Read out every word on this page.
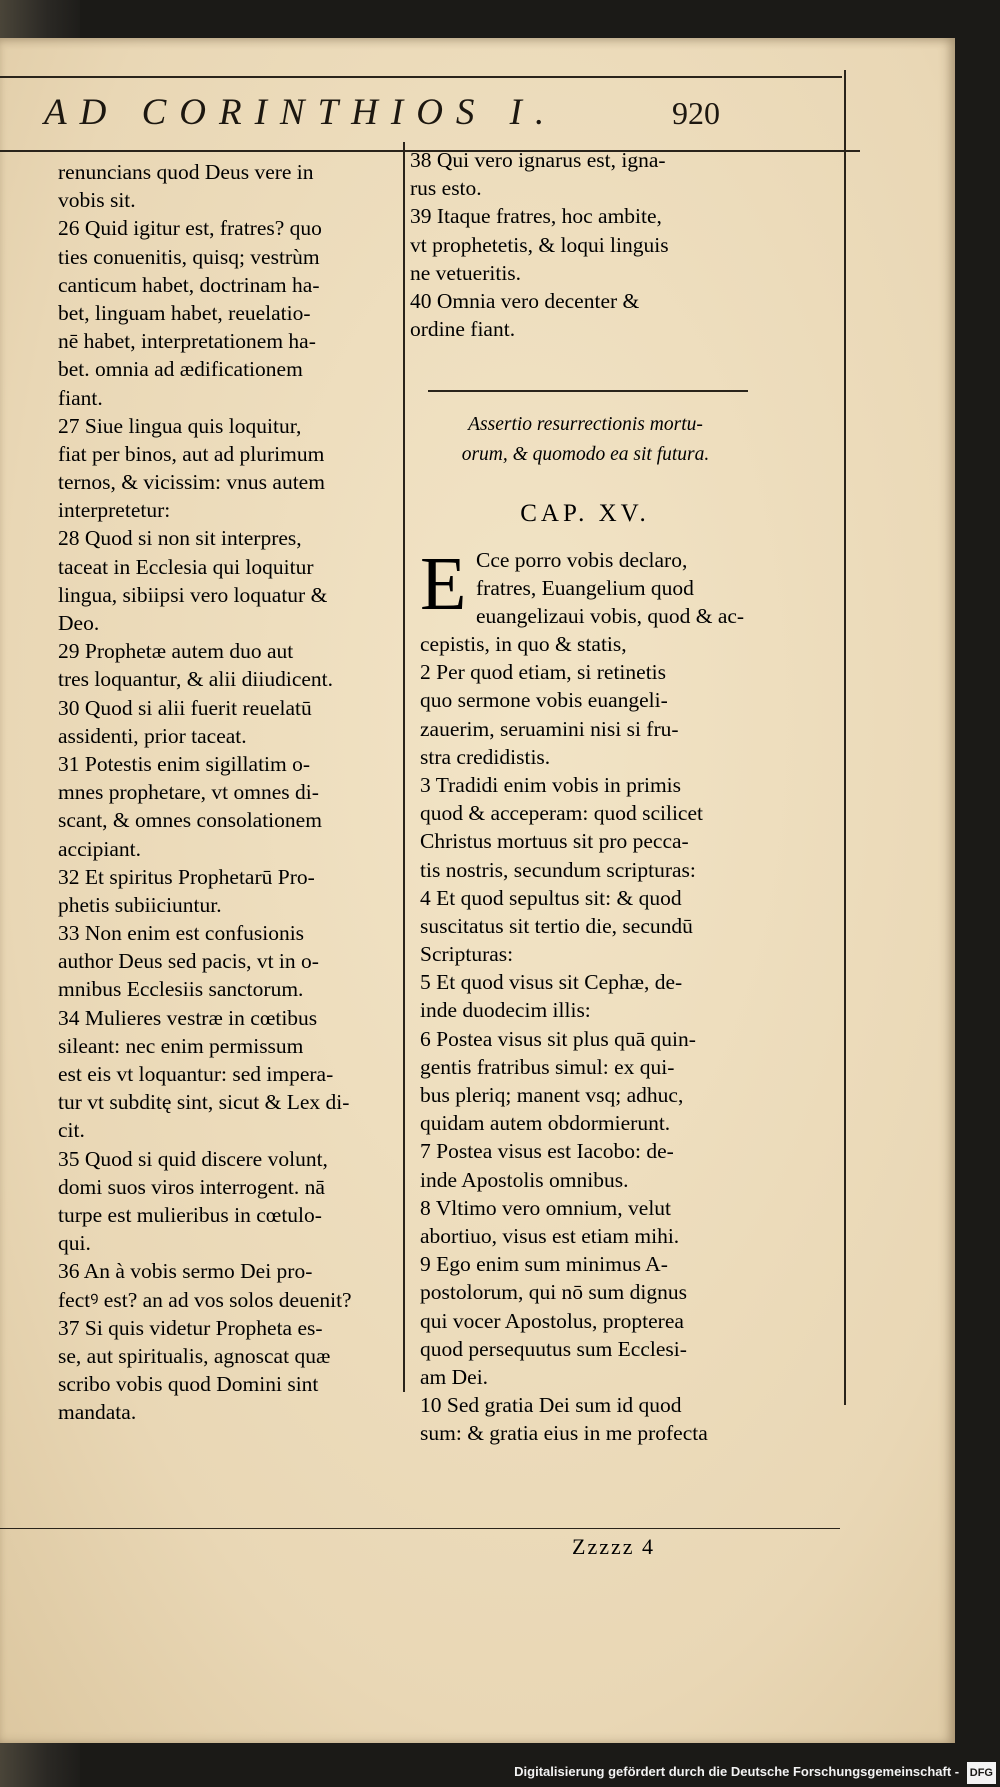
AD CORINTHIOS I.	920
renuncians quod Deus vere in
vobis sit.
26 Quid igitur est, fratres? quo
ties conuenitis, quisq; vestrùm
canticum habet, doctrinam ha-
bet, linguam habet, reuelatio-
nē habet, interpretationem ha-
bet. omnia ad ædificationem
fiant.
27 Siue lingua quis loquitur,
fiat per binos, aut ad plurimum
ternos, & vicissim: vnus autem
interpretetur:
28 Quod si non sit interpres,
taceat in Ecclesia qui loquitur
lingua, sibiipsi vero loquatur &
Deo.
29 Prophetæ autem duo aut
tres loquantur, & alii diiudicent.
30 Quod si alii fuerit reuelatū
assidenti, prior taceat.
31 Potestis enim sigillatim o-
mnes prophetare, vt omnes di-
scant, & omnes consolationem
accipiant.
32 Et spiritus Prophetarū Pro-
phetis subiiciuntur.
33 Non enim est confusionis
author Deus sed pacis, vt in o-
mnibus Ecclesiis sanctorum.
34 Mulieres vestræ in cœtibus
sileant: nec enim permissum
est eis vt loquantur: sed impera-
tur vt subditę sint, sicut & Lex di-
cit.
35 Quod si quid discere volunt,
domi suos viros interrogent. nā
turpe est mulieribus in cœtulo-
qui.
36 An à vobis sermo Dei pro-
fectꝰ est? an ad vos solos deuenit?
37 Si quis videtur Propheta es-
se, aut spiritualis, agnoscat quæ
scribo vobis quod Domini sint
mandata.
38 Qui vero ignarus est, igna-
rus esto.
39 Itaque fratres, hoc ambite,
vt prophetetis, & loqui linguis
ne vetueritis.
40 Omnia vero decenter &
ordine fiant.
Assertio resurrectionis mortu-
orum, & quomodo ea sit futura.
CAP. XV.
E Cce porro vobis declaro,
fratres, Euangelium quod
euangelizaui vobis, quod & ac-
cepistis, in quo & statis,
2 Per quod etiam, si retinetis
quo sermone vobis euangeli-
zauerim, seruamini nisi si fru-
stra credidistis.
3 Tradidi enim vobis in primis
quod & acceperam: quod scilicet
Christus mortuus sit pro pecca-
tis nostris, secundum scripturas:
4 Et quod sepultus sit: & quod
suscitatus sit tertio die, secundū
Scripturas:
5 Et quod visus sit Cephæ, de-
inde duodecim illis:
6 Postea visus sit plus quā quin-
gentis fratribus simul: ex qui-
bus pleriq; manent vsq; adhuc,
quidam autem obdormierunt.
7 Postea visus est Iacobo: de-
inde Apostolis omnibus.
8 Vltimo vero omnium, velut
abortiuo, visus est etiam mihi.
9 Ego enim sum minimus A-
postolorum, qui nō sum dignus
qui vocer Apostolus, propterea
quod persequutus sum Ecclesi-
am Dei.
10 Sed gratia Dei sum id quod
sum: & gratia eius in me profecta
Zzzzz 4
Digitalisierung gefördert durch die Deutsche Forschungsgemeinschaft - DFG
